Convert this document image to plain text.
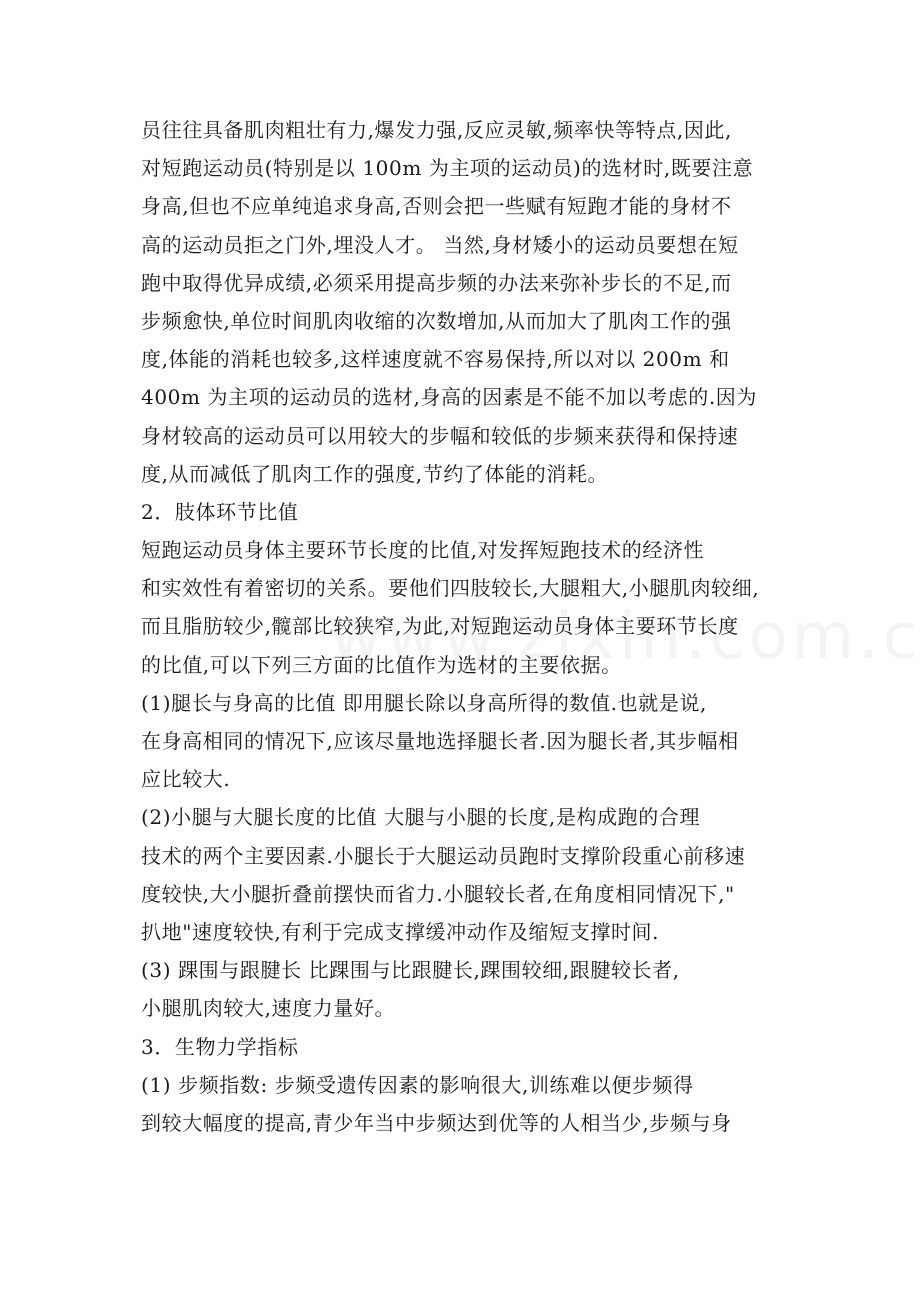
员往往具备肌肉粗壮有力,爆发力强,反应灵敏,频率快等特点,因此,
对短跑运动员(特别是以 100m 为主项的运动员)的选材时,既要注意
身高,但也不应单纯追求身高,否则会把一些赋有短跑才能的身材不
高的运动员拒之门外,埋没人才。 当然,身材矮小的运动员要想在短
跑中取得优异成绩,必须采用提高步频的办法来弥补步长的不足,而
步频愈快,单位时间肌肉收缩的次数增加,从而加大了肌肉工作的强
度,体能的消耗也较多,这样速度就不容易保持,所以对以 200m 和
400m 为主项的运动员的选材,身高的因素是不能不加以考虑的.因为
身材较高的运动员可以用较大的步幅和较低的步频来获得和保持速
度,从而减低了肌肉工作的强度,节约了体能的消耗。
2．肢体环节比值
短跑运动员身体主要环节长度的比值,对发挥短跑技术的经济性
和实效性有着密切的关系。要他们四肢较长,大腿粗大,小腿肌肉较细,
而且脂肪较少,髋部比较狭窄,为此,对短跑运动员身体主要环节长度
的比值,可以下列三方面的比值作为选材的主要依据。
(1)腿长与身高的比值 即用腿长除以身高所得的数值.也就是说,
在身高相同的情况下,应该尽量地选择腿长者.因为腿长者,其步幅相
应比较大.
(2)小腿与大腿长度的比值 大腿与小腿的长度,是构成跑的合理
技术的两个主要因素.小腿长于大腿运动员跑时支撑阶段重心前移速
度较快,大小腿折叠前摆快而省力.小腿较长者,在角度相同情况下,"
扒地"速度较快,有利于完成支撑缓冲动作及缩短支撑时间.
(3) 踝围与跟腱长 比踝围与比跟腱长,踝围较细,跟腱较长者,
小腿肌肉较大,速度力量好。
3．生物力学指标
(1) 步频指数: 步频受遗传因素的影响很大,训练难以便步频得
到较大幅度的提高,青少年当中步频达到优等的人相当少,步频与身
